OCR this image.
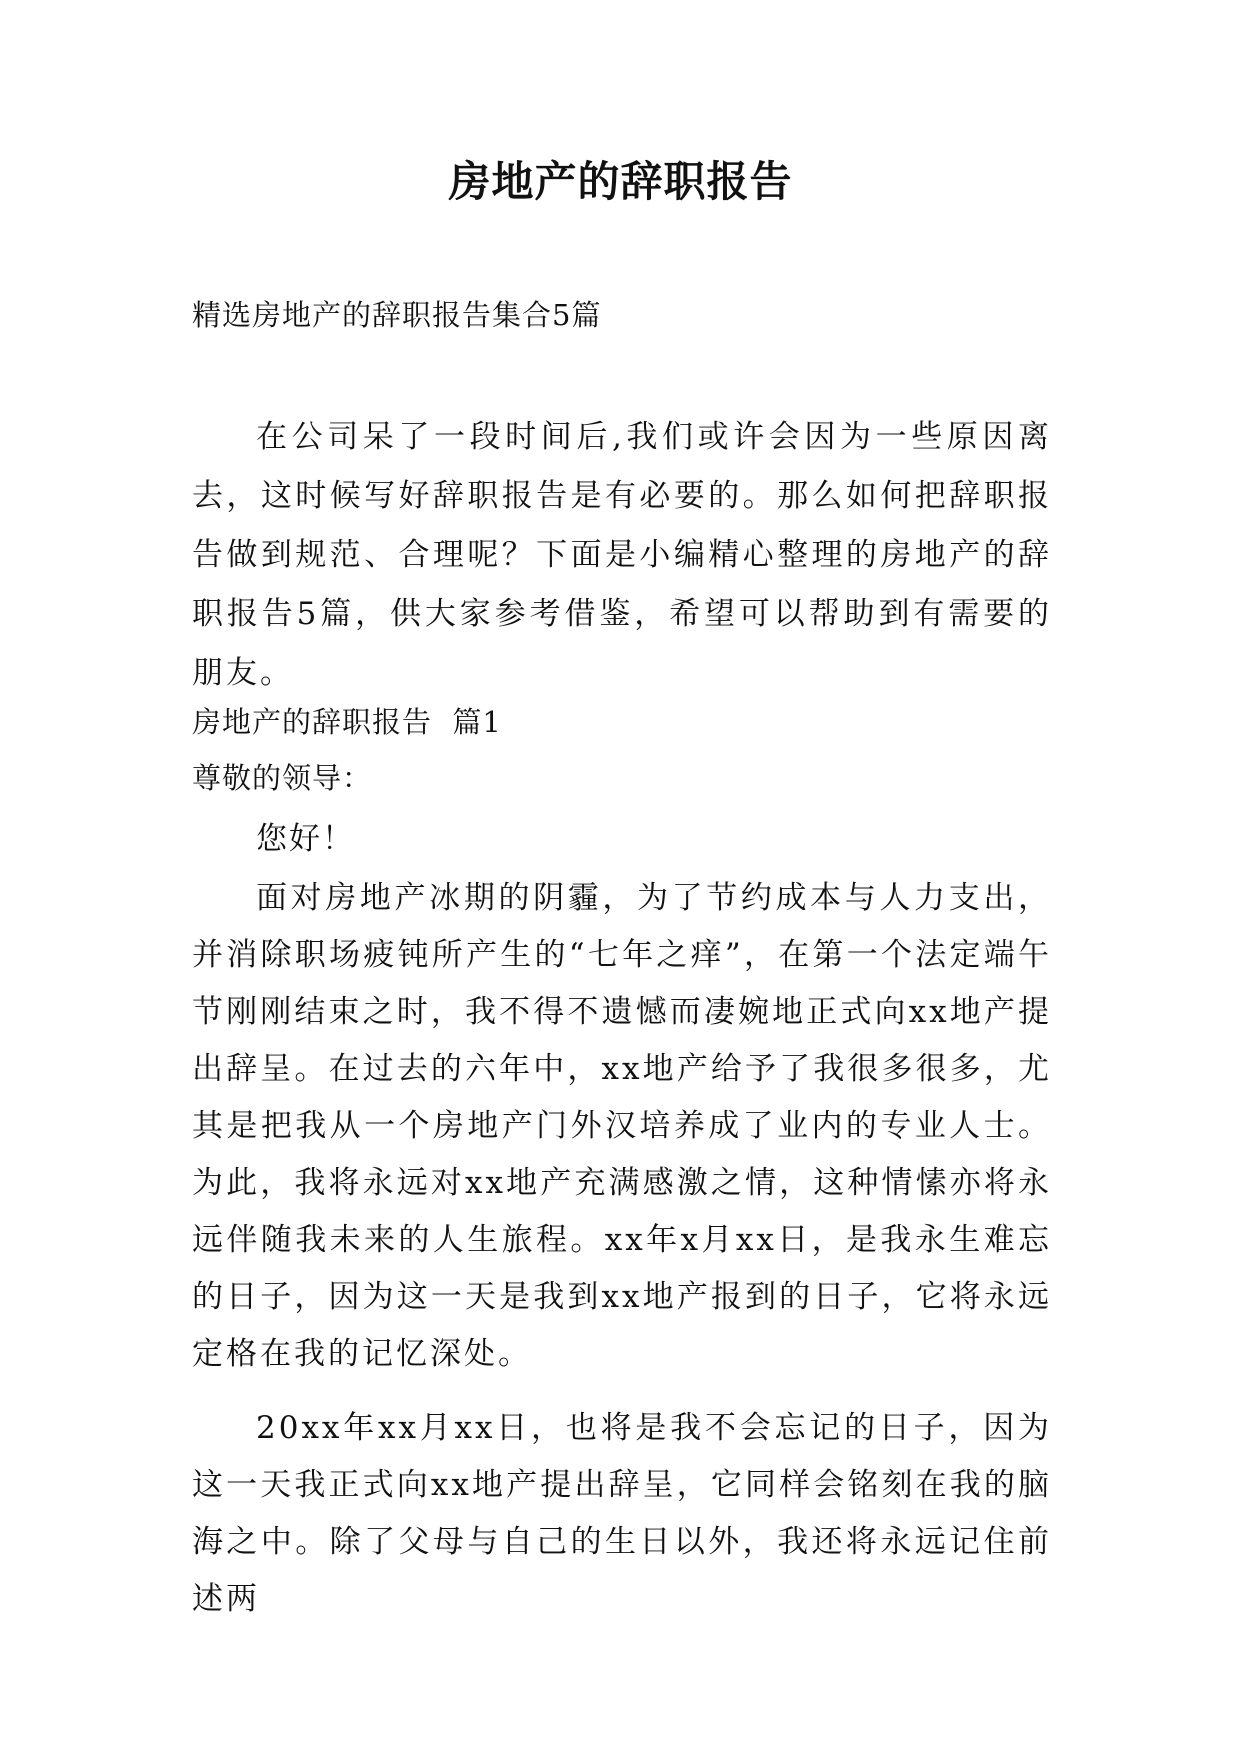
房地产的辞职报告

精选房地产的辞职报告集合5篇

在公司呆了一段时间后,我们或许会因为一些原因离去，这时候写好辞职报告是有必要的。那么如何把辞职报告做到规范、合理呢？下面是小编精心整理的房地产的辞职报告5篇，供大家参考借鉴，希望可以帮助到有需要的朋友。

房地产的辞职报告  篇1

尊敬的领导：

您好！

面对房地产冰期的阴霾，为了节约成本与人力支出，并消除职场疲钝所产生的“七年之痒”，在第一个法定端午节刚刚结束之时，我不得不遗憾而凄婉地正式向xx地产提出辞呈。在过去的六年中，xx地产给予了我很多很多，尤其是把我从一个房地产门外汉培养成了业内的专业人士。为此，我将永远对xx地产充满感激之情，这种情愫亦将永远伴随我未来的人生旅程。xx年x月xx日，是我永生难忘的日子，因为这一天是我到xx地产报到的日子，它将永远定格在我的记忆深处。

20xx年xx月xx日，也将是我不会忘记的日子，因为这一天我正式向xx地产提出辞呈，它同样会铭刻在我的脑海之中。除了父母与自己的生日以外，我还将永远记住前述两
